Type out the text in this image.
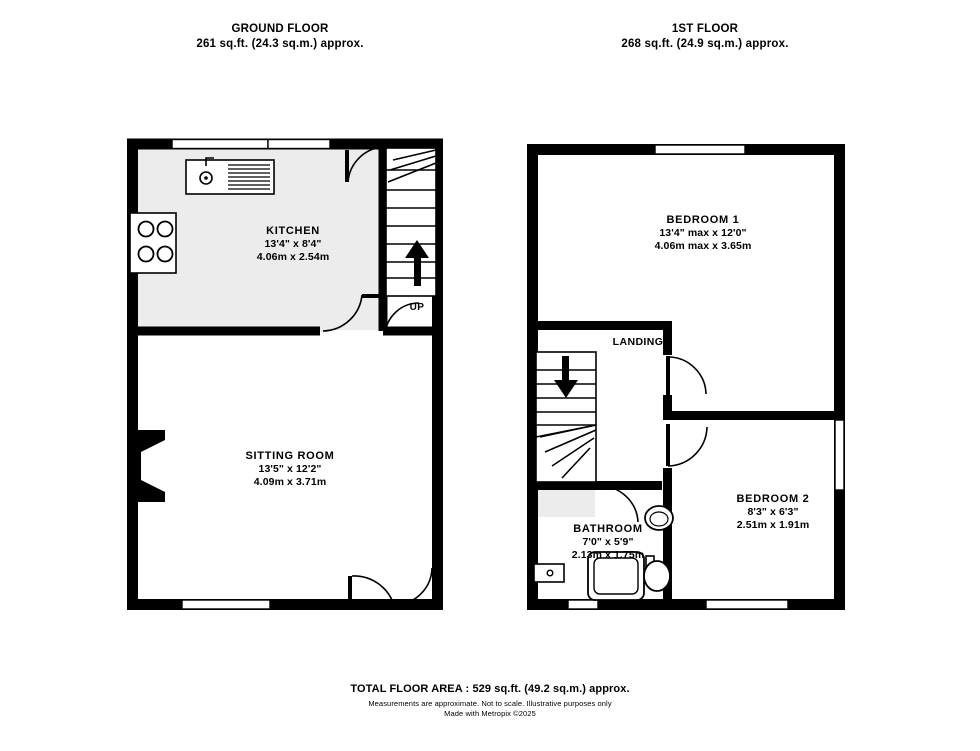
GROUND FLOOR
261 sq.ft. (24.3 sq.m.) approx.
1ST FLOOR
268 sq.ft. (24.9 sq.m.) approx.
KITCHEN
13'4" x 8'4"
4.06m x 2.54m
SITTING ROOM
13'5" x 12'2"
4.09m x 3.71m
UP
BEDROOM 1
13'4" max x 12'0"
4.06m max x 3.65m
BEDROOM 2
8'3" x 6'3"
2.51m x 1.91m
BATHROOM
7'0" x 5'9"
2.13m x 1.75m
LANDING
DOWN
TOTAL FLOOR AREA : 529 sq.ft. (49.2 sq.m.) approx.
Measurements are approximate. Not to scale. Illustrative purposes only
Made with Metropix ©2025
